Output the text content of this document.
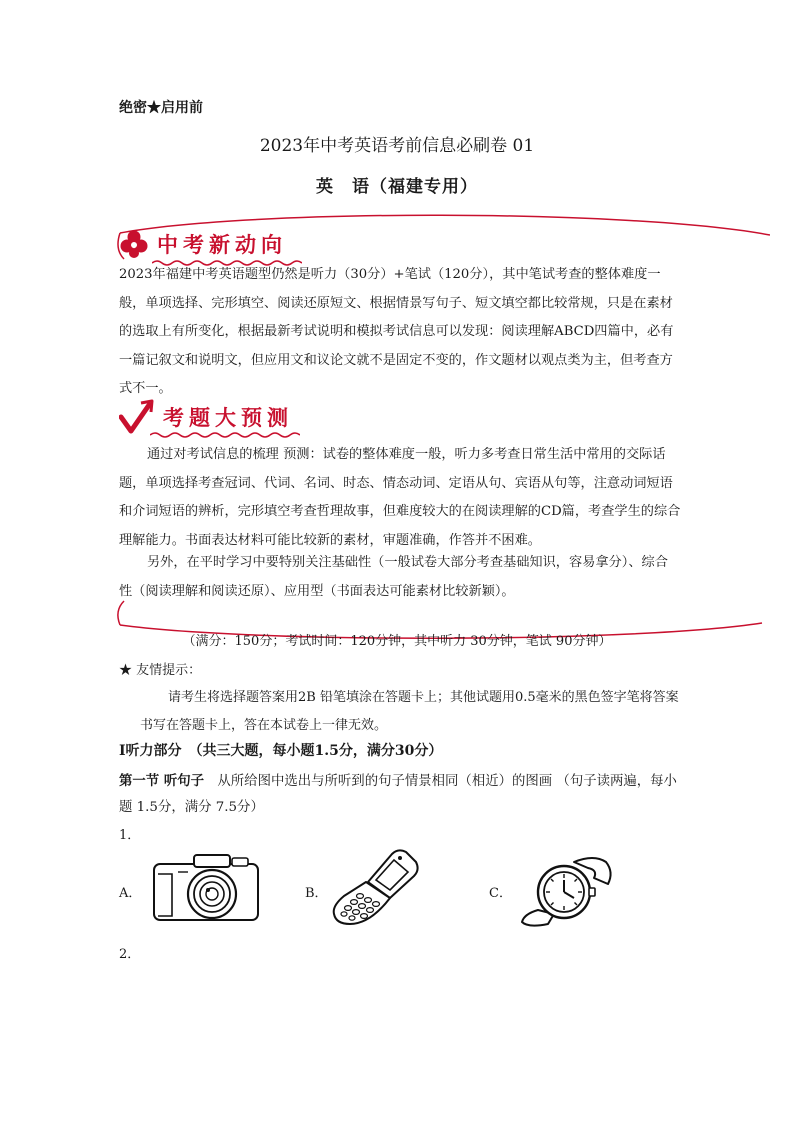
绝密★启用前
2023年中考英语考前信息必刷卷 01
英　语（福建专用）
中考新动向
2023年福建中考英语题型仍然是听力（30分）+笔试（120分），其中笔试考查的整体难度一般，单项选择、完形填空、阅读还原短文、根据情景写句子、短文填空都比较常规，只是在素材的选取上有所变化，根据最新考试说明和模拟考试信息可以发现：阅读理解ABCD四篇中，必有一篇记叙文和说明文，但应用文和议论文就不是固定不变的，作文题材以观点类为主，但考查方式不一。
考题大预测
通过对考试信息的梳理 预测：试卷的整体难度一般，听力多考查日常生活中常用的交际话题，单项选择考查冠词、代词、名词、时态、情态动词、定语从句、宾语从句等，注意动词短语和介词短语的辨析，完形填空考查哲理故事，但难度较大的在阅读理解的CD篇，考查学生的综合理解能力。书面表达材料可能比较新的素材，审题准确，作答并不困难。
另外，在平时学习中要特别关注基础性（一般试卷大部分考查基础知识，容易拿分）、综合性（阅读理解和阅读还原）、应用型（书面表达可能素材比较新颖）。
（满分：150分；考试时间：120分钟，其中听力 30分钟，笔试 90分钟）
★ 友情提示：
请考生将选择题答案用2B 铅笔填涂在答题卡上；其他试题用0.5毫米的黑色签字笔将答案书写在答题卡上，答在本试卷上一律无效。
I听力部分　（共三大题，每小题1.5分，满分30分）
第一节 听句子　从所给图中选出与所听到的句子情景相同（相近）的图画 （句子读两遍，每小题 1.5分，满分 7.5分）
1．
A．	B．	C．
2．
